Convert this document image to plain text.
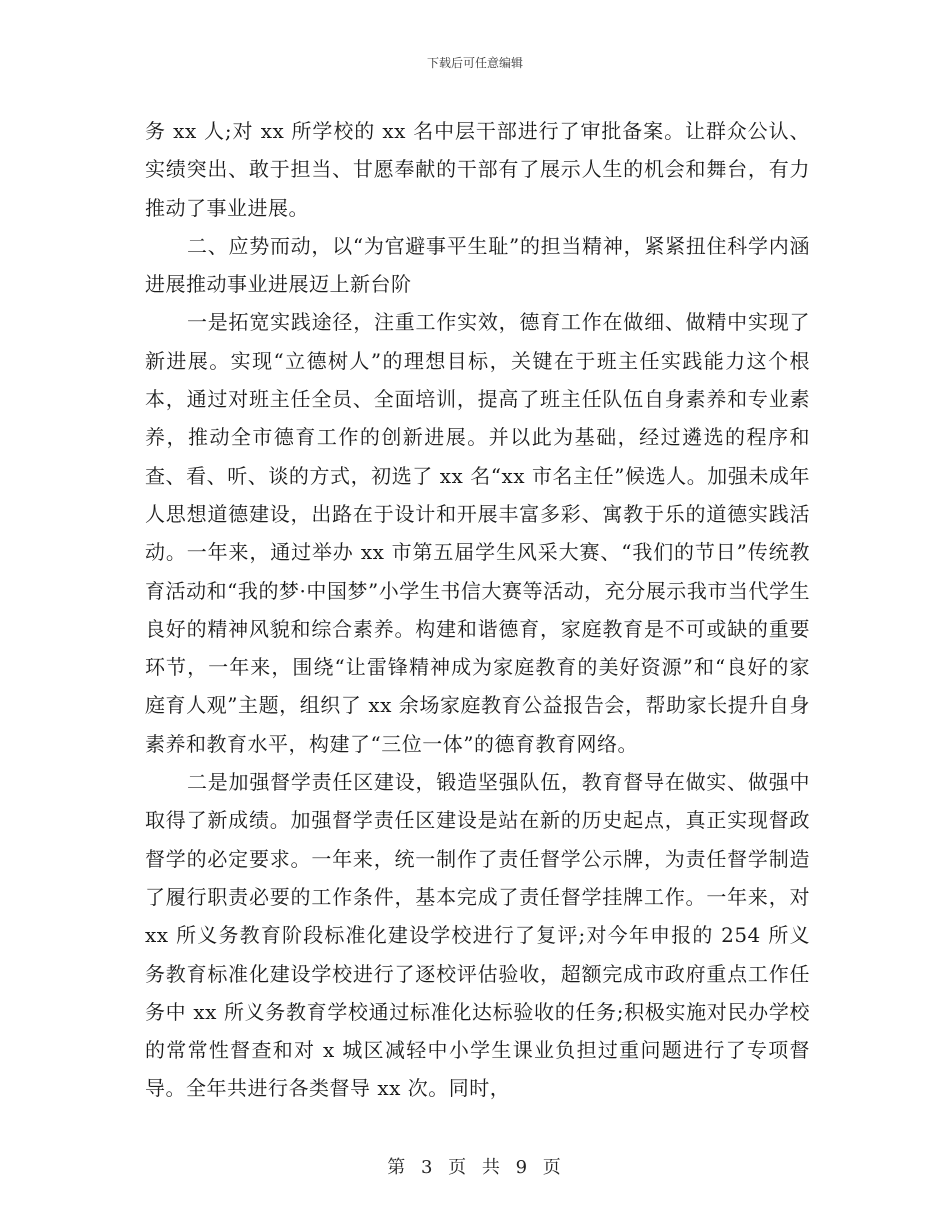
下载后可任意编辑

务 xx 人;对 xx 所学校的 xx 名中层干部进行了审批备案。让群众公认、实绩突出、敢于担当、甘愿奉献的干部有了展示人生的机会和舞台，有力推动了事业进展。

二、应势而动，以“为官避事平生耻”的担当精神，紧紧扭住科学内涵进展推动事业进展迈上新台阶

一是拓宽实践途径，注重工作实效，德育工作在做细、做精中实现了新进展。实现“立德树人”的理想目标，关键在于班主任实践能力这个根本，通过对班主任全员、全面培训，提高了班主任队伍自身素养和专业素养，推动全市德育工作的创新进展。并以此为基础，经过遴选的程序和查、看、听、谈的方式，初选了 xx 名“xx 市名主任”候选人。加强未成年人思想道德建设，出路在于设计和开展丰富多彩、寓教于乐的道德实践活动。一年来，通过举办 xx 市第五届学生风采大赛、“我们的节日”传统教育活动和“我的梦·中国梦”小学生书信大赛等活动，充分展示我市当代学生良好的精神风貌和综合素养。构建和谐德育，家庭教育是不可或缺的重要环节，一年来，围绕“让雷锋精神成为家庭教育的美好资源”和“良好的家庭育人观”主题，组织了 xx 余场家庭教育公益报告会，帮助家长提升自身素养和教育水平，构建了“三位一体”的德育教育网络。

二是加强督学责任区建设，锻造坚强队伍，教育督导在做实、做强中取得了新成绩。加强督学责任区建设是站在新的历史起点，真正实现督政督学的必定要求。一年来，统一制作了责任督学公示牌，为责任督学制造了履行职责必要的工作条件，基本完成了责任督学挂牌工作。一年来，对 xx 所义务教育阶段标准化建设学校进行了复评;对今年申报的 254 所义务教育标准化建设学校进行了逐校评估验收，超额完成市政府重点工作任务中 xx 所义务教育学校通过标准化达标验收的任务;积极实施对民办学校的常常性督查和对 x 城区减轻中小学生课业负担过重问题进行了专项督导。全年共进行各类督导 xx 次。同时，

第 3 页 共 9 页
